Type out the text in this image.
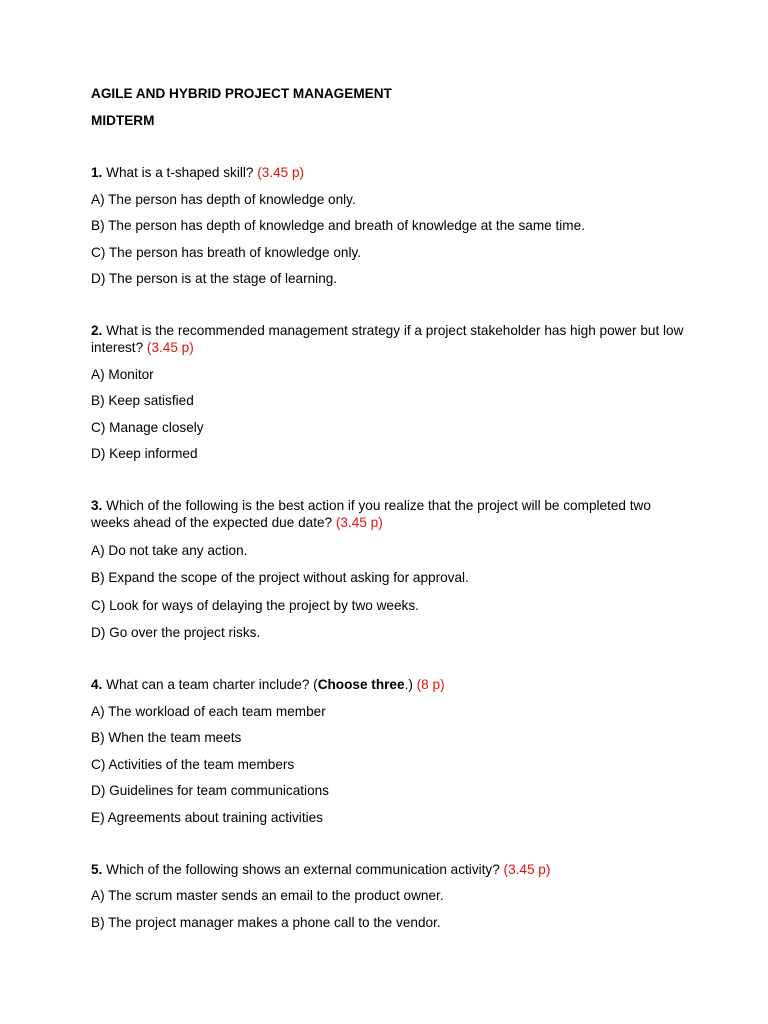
AGILE AND HYBRID PROJECT MANAGEMENT

MIDTERM

1. What is a t-shaped skill? (3.45 p)

A) The person has depth of knowledge only.

B) The person has depth of knowledge and breath of knowledge at the same time.

C) The person has breath of knowledge only.

D) The person is at the stage of learning.

2. What is the recommended management strategy if a project stakeholder has high power but low interest? (3.45 p)

A) Monitor

B) Keep satisfied

C) Manage closely

D) Keep informed

3. Which of the following is the best action if you realize that the project will be completed two weeks ahead of the expected due date? (3.45 p)

A) Do not take any action.

B) Expand the scope of the project without asking for approval.

C) Look for ways of delaying the project by two weeks.

D) Go over the project risks.

4. What can a team charter include? (Choose three.) (8 p)

A) The workload of each team member

B) When the team meets

C) Activities of the team members

D) Guidelines for team communications

E) Agreements about training activities

5. Which of the following shows an external communication activity? (3.45 p)

A) The scrum master sends an email to the product owner.

B) The project manager makes a phone call to the vendor.
